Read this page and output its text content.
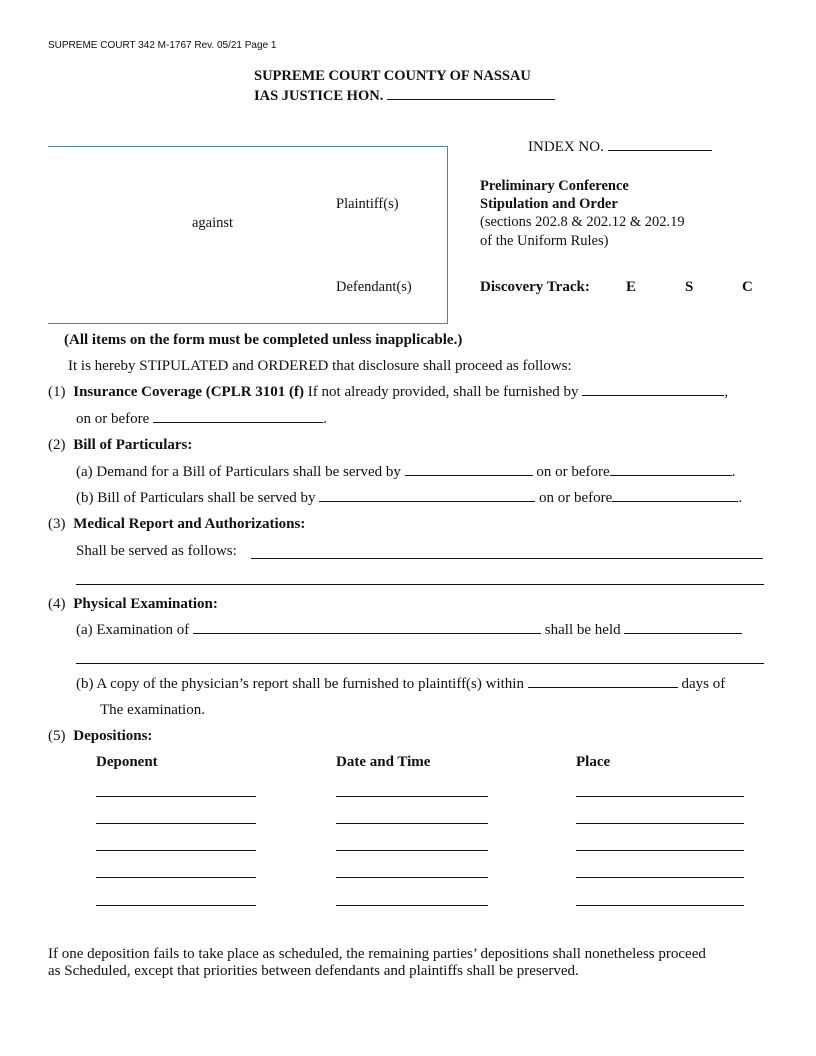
SUPREME COURT 342 M-1767 Rev. 05/21 Page 1
SUPREME COURT COUNTY OF NASSAU
IAS JUSTICE HON.
Plaintiff(s)
against
Defendant(s)
INDEX NO.
Preliminary Conference
Stipulation and Order
(sections 202.8 & 202.12 & 202.19
of the Uniform Rules)
Discovery Track: E	S	C
(All items on the form must be completed unless inapplicable.)
It is hereby STIPULATED and ORDERED that disclosure shall proceed as follows:
(1) Insurance Coverage (CPLR 3101 (f) If not already provided, shall be furnished by	,
on or before	.
(2) Bill of Particulars:
(a) Demand for a Bill of Particulars shall be served by	on or before	.
(b) Bill of Particulars shall be served by	on or before	.
(3) Medical Report and Authorizations:
Shall be served as follows:
(4) Physical Examination:
(a) Examination of	shall be held
(b) A copy of the physician’s report shall be furnished to plaintiff(s) within	days of
The examination.
(5) Depositions:
Deponent	Date and Time	Place
If one deposition fails to take place as scheduled, the remaining parties’ depositions shall nonetheless proceed
as Scheduled, except that priorities between defendants and plaintiffs shall be preserved.
